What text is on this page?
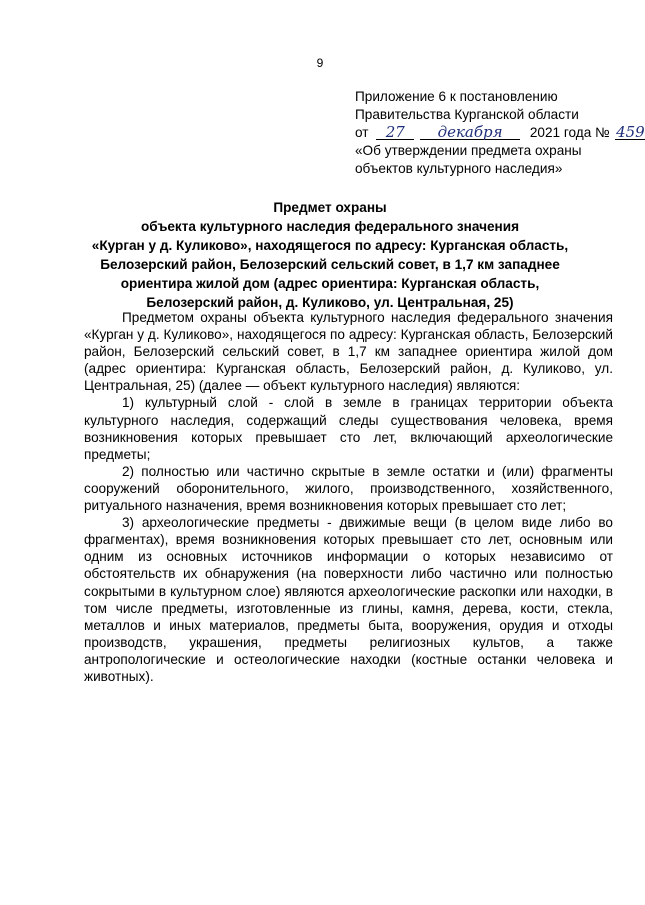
9
Приложение 6 к постановлению
Правительства Курганской области
от 27 декабря 2021 года № 459
«Об утверждении предмета охраны
объектов культурного наследия»
Предмет охраны
объекта культурного наследия федерального значения
«Курган у д. Куликово», находящегося по адресу: Курганская область,
Белозерский район, Белозерский сельский совет, в 1,7 км западнее
ориентира жилой дом (адрес ориентира: Курганская область,
Белозерский район, д. Куликово, ул. Центральная, 25)

Предметом охраны объекта культурного наследия федерального значения «Курган у д. Куликово», находящегося по адресу: Курганская область, Белозерский район, Белозерский сельский совет, в 1,7 км западнее ориентира жилой дом (адрес ориентира: Курганская область, Белозерский район, д. Куликово, ул. Центральная, 25) (далее — объект культурного наследия) являются:

1) культурный слой - слой в земле в границах территории объекта культурного наследия, содержащий следы существования человека, время возникновения которых превышает сто лет, включающий археологические предметы;

2) полностью или частично скрытые в земле остатки и (или) фрагменты сооружений оборонительного, жилого, производственного, хозяйственного, ритуального назначения, время возникновения которых превышает сто лет;

3) археологические предметы - движимые вещи (в целом виде либо во фрагментах), время возникновения которых превышает сто лет, основным или одним из основных источников информации о которых независимо от обстоятельств их обнаружения (на поверхности либо частично или полностью сокрытыми в культурном слое) являются археологические раскопки или находки, в том числе предметы, изготовленные из глины, камня, дерева, кости, стекла, металлов и иных материалов, предметы быта, вооружения, орудия и отходы производств, украшения, предметы религиозных культов, а также антропологические и остеологические находки (костные останки человека и животных).
